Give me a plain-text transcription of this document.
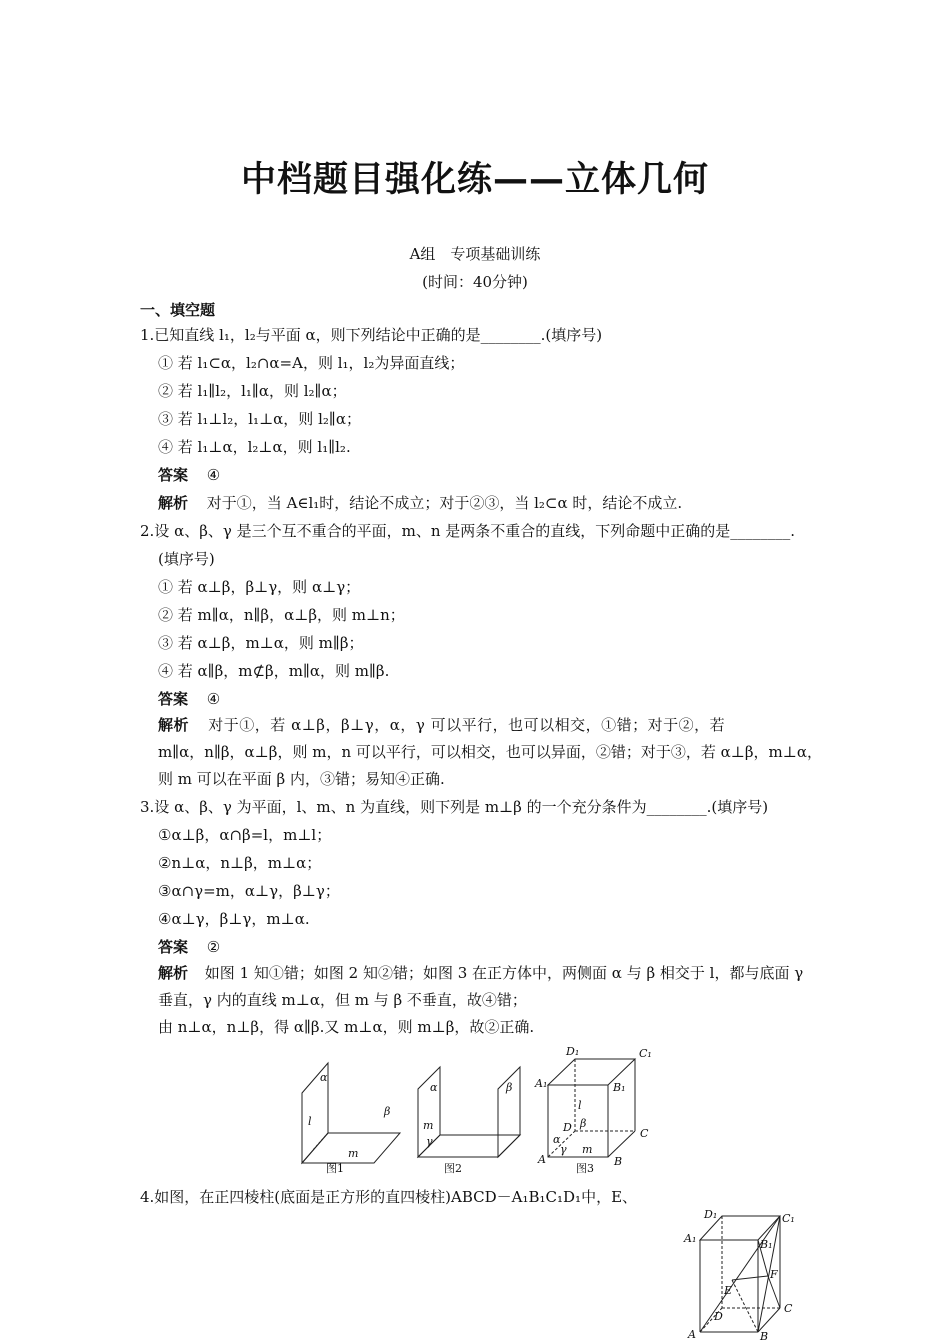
中档题目强化练——立体几何
A组　专项基础训练
(时间：40分钟)
一、填空题
1.已知直线 l₁，l₂与平面 α，则下列结论中正确的是________.(填序号)
① 若 l₁⊂α，l₂∩α=A，则 l₁，l₂为异面直线；
② 若 l₁∥l₂，l₁∥α，则 l₂∥α；
③ 若 l₁⊥l₂，l₁⊥α，则 l₂∥α；
④ 若 l₁⊥α，l₂⊥α，则 l₁∥l₂.
答案 ④
解析 对于①，当 A∈l₁时，结论不成立；对于②③，当 l₂⊂α 时，结论不成立.
2.设 α、β、γ 是三个互不重合的平面，m、n 是两条不重合的直线，下列命题中正确的是________.
(填序号)
① 若 α⊥β，β⊥γ，则 α⊥γ；
② 若 m∥α，n∥β，α⊥β，则 m⊥n；
③ 若 α⊥β，m⊥α，则 m∥β；
④ 若 α∥β，m⊄β，m∥α，则 m∥β.
答案 ④
解析 对于①，若 α⊥β，β⊥γ，α，γ 可以平行，也可以相交，①错；对于②，若
m∥α，n∥β，α⊥β，则 m，n 可以平行，可以相交，也可以异面，②错；对于③，若 α⊥β，m⊥α，
则 m 可以在平面 β 内，③错；易知④正确.
3.设 α、β、γ 为平面，l、m、n 为直线，则下列是 m⊥β 的一个充分条件为________.(填序号)
①α⊥β，α∩β=l，m⊥l；
②n⊥α，n⊥β，m⊥α；
③α∩γ=m，α⊥γ，β⊥γ；
④α⊥γ，β⊥γ，m⊥α.
答案 ②
解析 如图 1 知①错；如图 2 知②错；如图 3 在正方体中，两侧面 α 与 β 相交于 l，都与底面 γ
垂直，γ 内的直线 m⊥α，但 m 与 β 不垂直，故④错；
由 n⊥α，n⊥β，得 α∥β.又 m⊥α，则 m⊥β，故②正确.
α
β
l
m
α	β
m
γ
D₁	C₁
A₁	B₁
l
β
D	C
α
γ m
A	B
图1	图2	图3
4.如图，在正四棱柱(底面是正方形的直四棱柱)ABCD－A₁B₁C₁D₁中，E、
D₁	C₁
A₁	B₁
F
E
C
D
A	B
